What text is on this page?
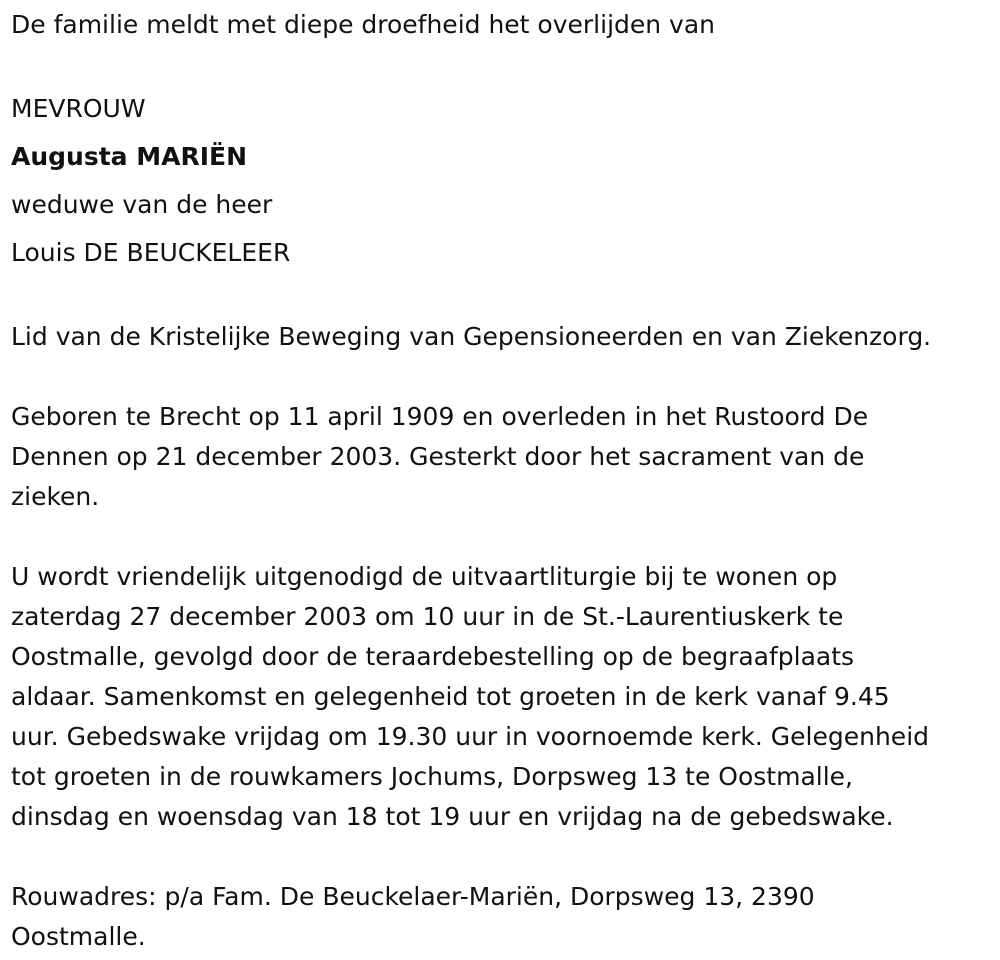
De familie meldt met diepe droefheid het overlijden van

MEVROUW

Augusta MARIËN

weduwe van de heer

Louis DE BEUCKELEER

Lid van de Kristelijke Beweging van Gepensioneerden en van Ziekenzorg.

Geboren te Brecht op 11 april 1909 en overleden in het Rustoord De

Dennen op 21 december 2003. Gesterkt door het sacrament van de

zieken.

U wordt vriendelijk uitgenodigd de uitvaartliturgie bij te wonen op

zaterdag 27 december 2003 om 10 uur in de St.-Laurentiuskerk te

Oostmalle, gevolgd door de teraardebestelling op de begraafplaats

aldaar. Samenkomst en gelegenheid tot groeten in de kerk vanaf 9.45

uur. Gebedswake vrijdag om 19.30 uur in voornoemde kerk. Gelegenheid

tot groeten in de rouwkamers Jochums, Dorpsweg 13 te Oostmalle,

dinsdag en woensdag van 18 tot 19 uur en vrijdag na de gebedswake.

Rouwadres: p/a Fam. De Beuckelaer-Mariën, Dorpsweg 13, 2390

Oostmalle.
